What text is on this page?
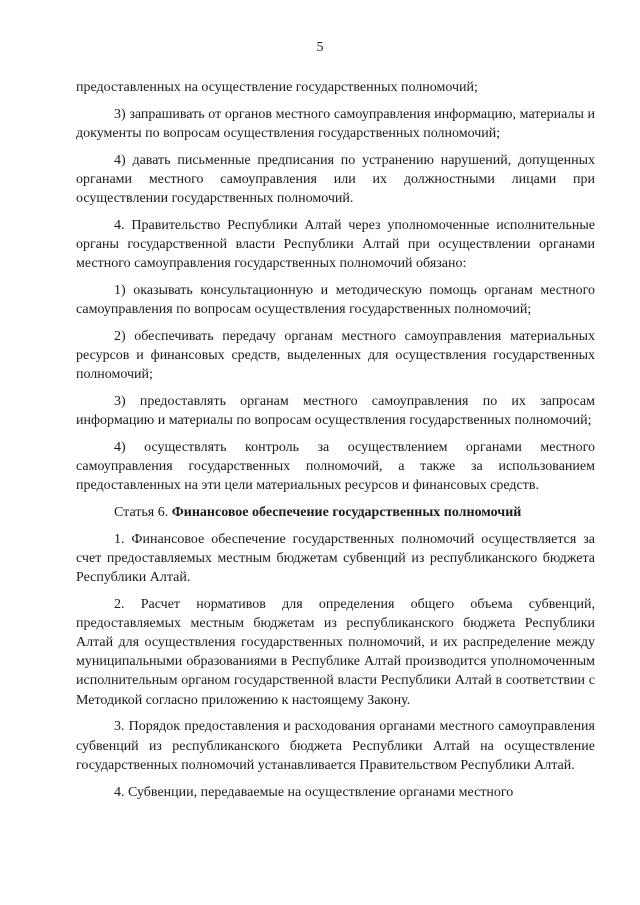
5

предоставленных на осуществление государственных полномочий;

3) запрашивать от органов местного самоуправления информацию, материалы и документы по вопросам осуществления государственных полномочий;

4) давать письменные предписания по устранению нарушений, допущенных органами местного самоуправления или их должностными лицами при осуществлении государственных полномочий.

4. Правительство Республики Алтай через уполномоченные исполнительные органы государственной власти Республики Алтай при осуществлении органами местного самоуправления государственных полномочий обязано:

1) оказывать консультационную и методическую помощь органам местного самоуправления по вопросам осуществления государственных полномочий;

2) обеспечивать передачу органам местного самоуправления материальных ресурсов и финансовых средств, выделенных для осуществления государственных полномочий;

3) предоставлять органам местного самоуправления по их запросам информацию и материалы по вопросам осуществления государственных полномочий;

4) осуществлять контроль за осуществлением органами местного самоуправления государственных полномочий, а также за использованием предоставленных на эти цели материальных ресурсов и финансовых средств.

Статья 6. Финансовое обеспечение государственных полномочий

1. Финансовое обеспечение государственных полномочий осуществляется за счет предоставляемых местным бюджетам субвенций из республиканского бюджета Республики Алтай.

2. Расчет нормативов для определения общего объема субвенций, предоставляемых местным бюджетам из республиканского бюджета Республики Алтай для осуществления государственных полномочий, и их распределение между муниципальными образованиями в Республике Алтай производится уполномоченным исполнительным органом государственной власти Республики Алтай в соответствии с Методикой согласно приложению к настоящему Закону.

3. Порядок предоставления и расходования органами местного самоуправления субвенций из республиканского бюджета Республики Алтай на осуществление государственных полномочий устанавливается Правительством Республики Алтай.

4. Субвенции, передаваемые на осуществление органами местного
